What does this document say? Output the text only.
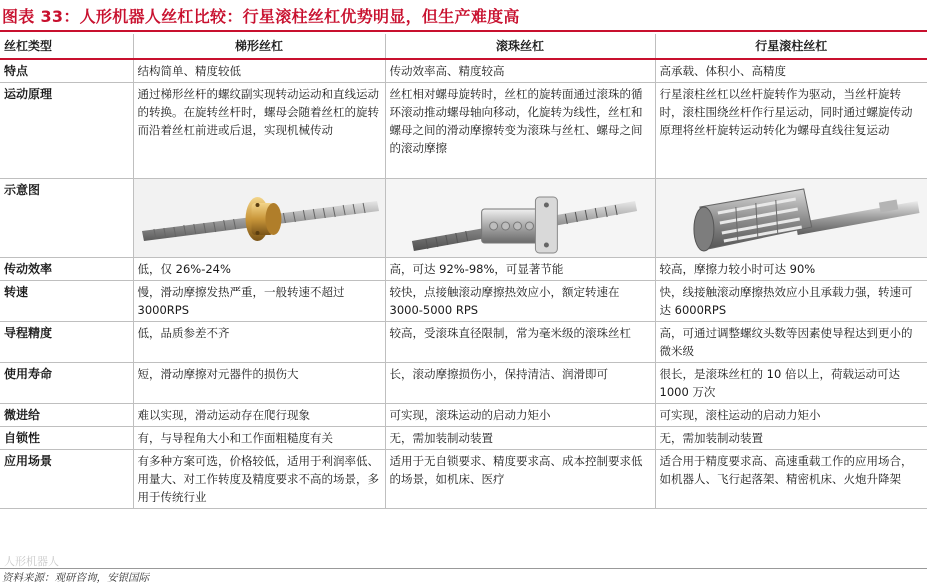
图表 33：人形机器人丝杠比较：行星滚柱丝杠优势明显，但生产难度高
丝杠类型	梯形丝杠	滚珠丝杠	行星滚柱丝杠
特点	结构简单、精度较低	传动效率高、精度较高	高承载、体积小、高精度
运动原理	通过梯形丝杆的螺纹副实现转动运动和直线运动的转换。在旋转丝杆时，螺母会随着丝杠的旋转而沿着丝杠前进或后退，实现机械传动	丝杠相对螺母旋转时，丝杠的旋转面通过滚珠的循环滚动推动螺母轴向移动，化旋转为线性，丝杠和螺母之间的滑动摩擦转变为滚珠与丝杠、螺母之间的滚动摩擦	行星滚柱丝杠以丝杆旋转作为驱动，当丝杆旋转时，滚柱围绕丝杆作行星运动，同时通过螺旋传动原理将丝杆旋转运动转化为螺母直线往复运动
示意图	

传动效率	低，仅 26%-24%	高，可达 92%-98%，可显著节能	较高，摩擦力较小时可达 90%
转速	慢，滑动摩擦发热严重，一般转速不超过 3000RPS	较快，点接触滚动摩擦热效应小，额定转速在 3000-5000 RPS	快，线接触滚动摩擦热效应小且承载力强，转速可达 6000RPS
导程精度	低，品质参差不齐	较高，受滚珠直径限制，常为毫米级的滚珠丝杠	高，可通过调整螺纹头数等因素使导程达到更小的微米级
使用寿命	短，滑动摩擦对元器件的损伤大	长，滚动摩擦损伤小，保持清洁、润滑即可	很长，是滚珠丝杠的 10 倍以上，荷载运动可达 1000 万次
微进给	难以实现，滑动运动存在爬行现象	可实现，滚珠运动的启动力矩小	可实现，滚柱运动的启动力矩小
自锁性	有，与导程角大小和工作面粗糙度有关	无，需加装制动装置	无，需加装制动装置
应用场景	有多种方案可选，价格较低，适用于利润率低、用量大、对工作转度及精度要求不高的场景，多用于传统行业	适用于无自锁要求、精度要求高、成本控制要求低的场景，如机床、医疗	适合用于精度要求高、高速重载工作的应用场合，如机器人、飞行起落架、精密机床、火炮升降架
人形机器人
资料来源：观研咨询，安银国际
